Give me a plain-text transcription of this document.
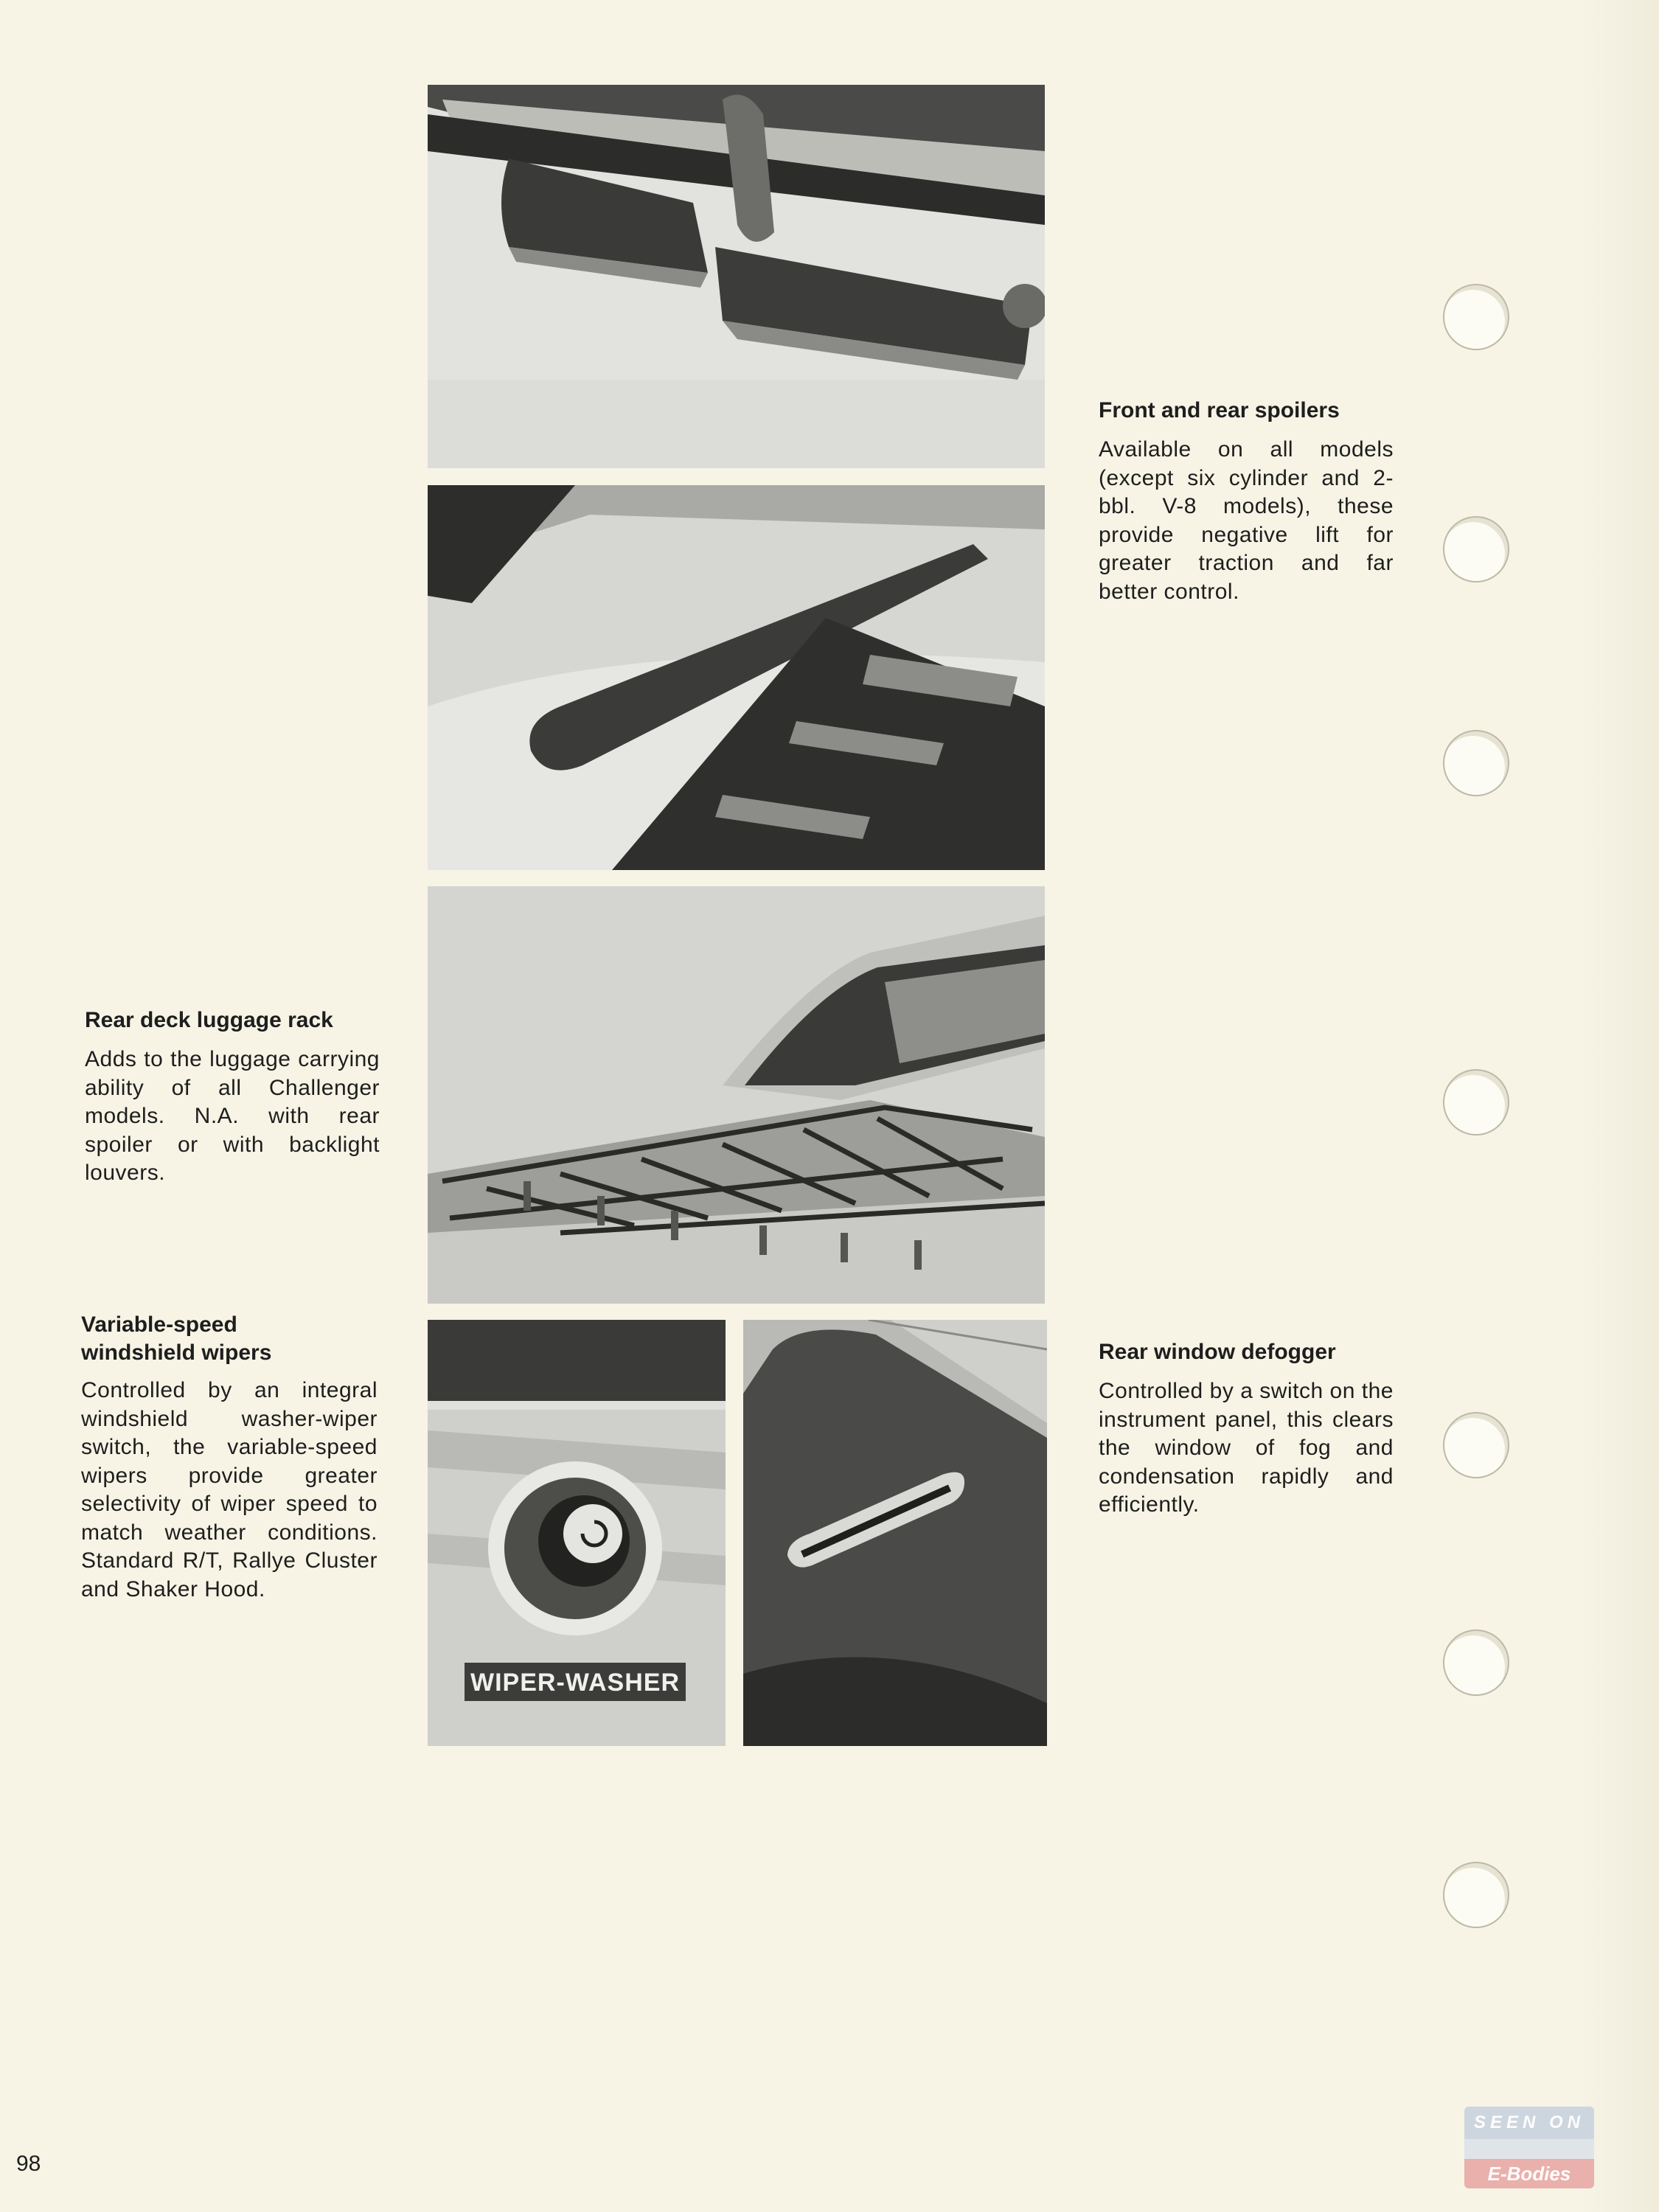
WIPER-WASHER
Front and rear spoilers

Available on all models (except six cylinder and 2-bbl. V-8 models), these provide negative lift for greater traction and far better control.

Rear deck luggage rack

Adds to the luggage carrying ability of all Challenger models. N.A. with rear spoiler or with backlight louvers.

Variable-speed
windshield wipers

Controlled by an integral windshield washer-wiper switch, the variable-speed wipers provide greater selectivity of wiper speed to match weather conditions. Standard R/T, Rallye Cluster and Shaker Hood.

Rear window defogger

Controlled by a switch on the instrument panel, this clears the window of fog and condensation rapidly and efficiently.

98

SEEN ON
E-Bodies
